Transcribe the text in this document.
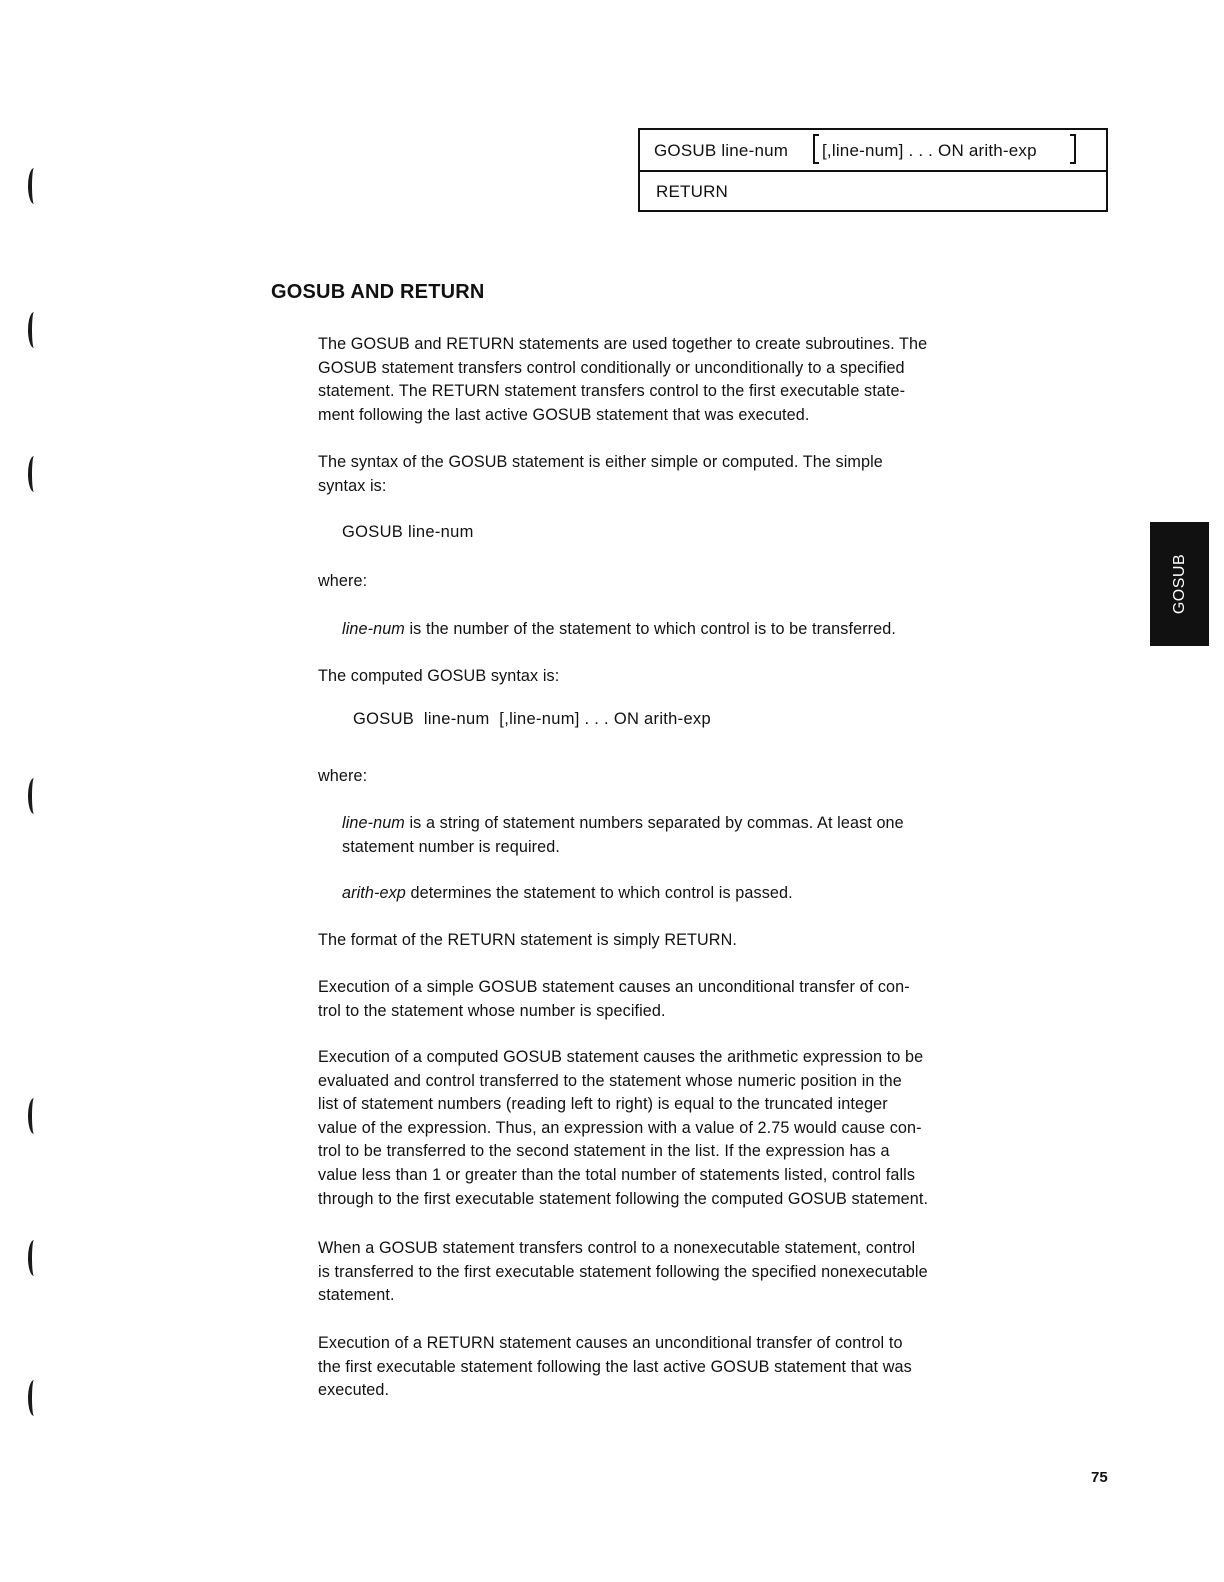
GOSUB line-num [,line-num] . . . ON arith-exp
RETURN
GOSUB AND RETURN
The GOSUB and RETURN statements are used together to create subroutines. The
GOSUB statement transfers control conditionally or unconditionally to a specified
statement. The RETURN statement transfers control to the first executable state-
ment following the last active GOSUB statement that was executed.
The syntax of the GOSUB statement is either simple or computed. The simple
syntax is:
GOSUB line-num
where:
line-num is the number of the statement to which control is to be transferred.
The computed GOSUB syntax is:
GOSUB  line-num  [,line-num] . . . ON arith-exp
where:
line-num is a string of statement numbers separated by commas. At least one
statement number is required.
arith-exp determines the statement to which control is passed.
The format of the RETURN statement is simply RETURN.
Execution of a simple GOSUB statement causes an unconditional transfer of con-
trol to the statement whose number is specified.
Execution of a computed GOSUB statement causes the arithmetic expression to be
evaluated and control transferred to the statement whose numeric position in the
list of statement numbers (reading left to right) is equal to the truncated integer
value of the expression. Thus, an expression with a value of 2.75 would cause con-
trol to be transferred to the second statement in the list. If the expression has a
value less than 1 or greater than the total number of statements listed, control falls
through to the first executable statement following the computed GOSUB statement.
When a GOSUB statement transfers control to a nonexecutable statement, control
is transferred to the first executable statement following the specified nonexecutable
statement.
Execution of a RETURN statement causes an unconditional transfer of control to
the first executable statement following the last active GOSUB statement that was
executed.
GOSUB
75
